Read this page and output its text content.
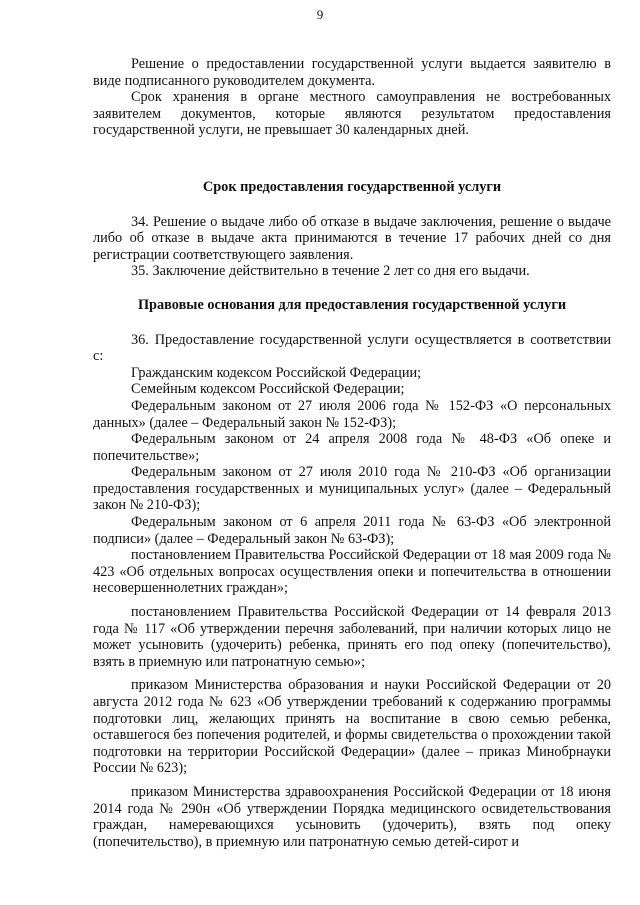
9

Решение о предоставлении государственной услуги выдается заявителю в виде подписанного руководителем документа.

Срок хранения в органе местного самоуправления не востребованных заявителем документов, которые являются результатом предоставления государственной услуги, не превышает 30 календарных дней.

Срок предоставления государственной услуги

34. Решение о выдаче либо об отказе в выдаче заключения, решение о выдаче либо об отказе в выдаче акта принимаются в течение 17 рабочих дней со дня регистрации соответствующего заявления.

35. Заключение действительно в течение 2 лет со дня его выдачи.

Правовые основания для предоставления государственной услуги

36. Предоставление государственной услуги осуществляется в соответствии с:

Гражданским кодексом Российской Федерации;

Семейным кодексом Российской Федерации;

Федеральным законом от 27 июля 2006 года № 152-ФЗ «О персональных данных» (далее – Федеральный закон № 152-ФЗ);

Федеральным законом от 24 апреля 2008 года № 48-ФЗ «Об опеке и попечительстве»;

Федеральным законом от 27 июля 2010 года № 210-ФЗ «Об организации предоставления государственных и муниципальных услуг» (далее – Федеральный закон № 210-ФЗ);

Федеральным законом от 6 апреля 2011 года № 63-ФЗ «Об электронной подписи» (далее – Федеральный закон № 63-ФЗ);

постановлением Правительства Российской Федерации от 18 мая 2009 года № 423 «Об отдельных вопросах осуществления опеки и попечительства в отношении несовершеннолетних граждан»;

постановлением Правительства Российской Федерации от 14 февраля 2013 года № 117 «Об утверждении перечня заболеваний, при наличии которых лицо не может усыновить (удочерить) ребенка, принять его под опеку (попечительство), взять в приемную или патронатную семью»;

приказом Министерства образования и науки Российской Федерации от 20 августа 2012 года № 623 «Об утверждении требований к содержанию программы подготовки лиц, желающих принять на воспитание в свою семью ребенка, оставшегося без попечения родителей, и формы свидетельства о прохождении такой подготовки на территории Российской Федерации» (далее – приказ Минобрнауки России № 623);

приказом Министерства здравоохранения Российской Федерации от 18 июня 2014 года № 290н «Об утверждении Порядка медицинского освидетельствования граждан, намеревающихся усыновить (удочерить), взять под опеку (попечительство), в приемную или патронатную семью детей-сирот и
